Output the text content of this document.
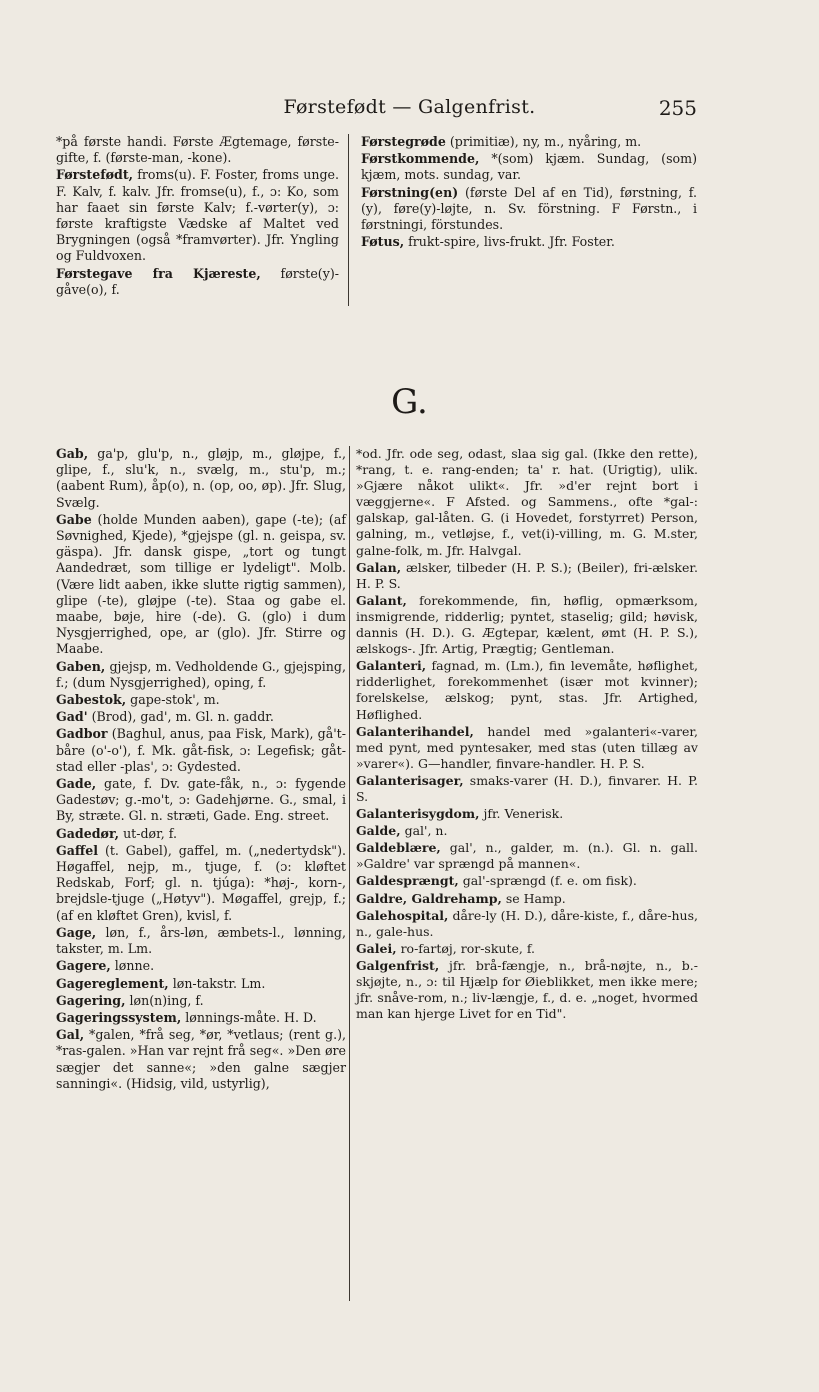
Førstefødt — Galgenfrist.	255

*på første handi. Første Ægtemage, første-gifte, f. (første-man, -kone).

Førstefødt, froms(u). F. Foster, froms unge. F. Kalv, f. kalv. Jfr. fromse(u), f., ɔ: Ko, som har faaet sin første Kalv; f.-vørter(y), ɔ: første kraftigste Vædske af Maltet ved Brygningen (også *framvørter). Jfr. Yngling og Fuldvoxen.

Førstegave fra Kjæreste, første(y)-gåve(o), f.

Førstegrøde (primitiæ), ny, m., nyåring, m.

Førstkommende, *(som) kjæm. Sundag, (som) kjæm, mots. sundag, var.

Førstning(en) (første Del af en Tid), førstning, f. (y), føre(y)-løjte, n. Sv. förstning. F Førstn., i førstningi, förstundes.

Føtus, frukt-spire, livs-frukt. Jfr. Foster.

G.

Gab, ga'p, glu'p, n., gløjp, m., gløjpe, f., glipe, f., slu'k, n., svælg, m., stu'p, m.; (aabent Rum), åp(o), n. (op, oo, øp). Jfr. Slug, Svælg.

Gabe (holde Munden aaben), gape (-te); (af Søvnighed, Kjede), *gjejspe (gl. n. geispa, sv. gäspa). Jfr. dansk gispe, „tort og tungt Aandedræt, som tillige er lydeligt". Molb. (Være lidt aaben, ikke slutte rigtig sammen), glipe (-te), gløjpe (-te). Staa og gabe el. maabe, bøje, hire (-de). G. (glo) i dum Nysgjerrighed, ope, ar (glo). Jfr. Stirre og Maabe.

Gaben, gjejsp, m. Vedholdende G., gjejsping, f.; (dum Nysgjerrighed), oping, f.

Gabestok, gape-stok', m.

Gad' (Brod), gad', m. Gl. n. gaddr.

Gadbor (Baghul, anus, paa Fisk, Mark), gå't-båre (o'-o'), f. Mk. gåt-fisk, ɔ: Legefisk; gåt-stad eller -plas', ɔ: Gydested.

Gade, gate, f. Dv. gate-fåk, n., ɔ: fygende Gadestøv; g.-mo't, ɔ: Gadehjørne. G., smal, i By, stræte. Gl. n. stræti, Gade. Eng. street.

Gadedør, ut-dør, f.

Gaffel (t. Gabel), gaffel, m. („nedertydsk"). Høgaffel, nejp, m., tjuge, f. (ɔ: kløftet Redskab, Forf; gl. n. tjúga): *høj-, korn-, brejdsle-tjuge („Høtyv"). Møgaffel, grejp, f.; (af en kløftet Gren), kvisl, f.

Gage, løn, f., års-løn, æmbets-l., lønning, takster, m. Lm.

Gagere, lønne.

Gagereglement, løn-takstr. Lm.

Gagering, løn(n)ing, f.

Gageringssystem, lønnings-måte. H. D.

Gal, *galen, *frå seg, *ør, *vetlaus; (rent g.), *ras-galen. »Han var rejnt frå seg«. »Den øre sægjer det sanne«; »den galne sægjer sanningi«. (Hidsig, vild, ustyrlig),

*od. Jfr. ode seg, odast, slaa sig gal. (Ikke den rette), *rang, t. e. rang-enden; ta' r. hat. (Urigtig), ulik. »Gjære nåkot ulikt«. Jfr. »d'er rejnt bort i væggjerne«. F Afsted. og Sammens., ofte *gal-: galskap, gal-låten. G. (i Hovedet, forstyrret) Person, galning, m., vetløjse, f., vet(i)-villing, m. G. M.ster, galne-folk, m. Jfr. Halvgal.

Galan, ælsker, tilbeder (H. P. S.); (Beiler), fri-ælsker. H. P. S.

Galant, forekommende, fin, høflig, opmærksom, insmigrende, ridderlig; pyntet, staselig; gild; høvisk, dannis (H. D.). G. Ægtepar, kælent, ømt (H. P. S.), ælskogs-. Jfr. Artig, Prægtig; Gentleman.

Galanteri, fagnad, m. (Lm.), fin levemåte, høflighet, ridderlighet, forekommenhet (især mot kvinner); forelskelse, ælskog; pynt, stas. Jfr. Artighed, Høflighed.

Galanterihandel, handel med »galanteri«-varer, med pynt, med pyntesaker, med stas (uten tillæg av »varer«). G—handler, finvare-handler. H. P. S.

Galanterisager, smaks-varer (H. D.), finvarer. H. P. S.

Galanterisygdom, jfr. Venerisk.

Galde, gal', n.

Galdeblære, gal', n., galder, m. (n.). Gl. n. gall. »Galdre' var sprængd på mannen«.

Galdesprængt, gal'-sprængd (f. e. om fisk).

Galdre, Galdrehamp, se Hamp.

Galehospital, dåre-ly (H. D.), dåre-kiste, f., dåre-hus, n., gale-hus.

Galei, ro-fartøj, ror-skute, f.

Galgenfrist, jfr. brå-fængje, n., brå-nøjte, n., b.-skjøjte, n., ɔ: til Hjælp for Øieblikket, men ikke mere; jfr. snåve-rom, n.; liv-længje, f., d. e. „noget, hvormed man kan hjerge Livet for en Tid".
